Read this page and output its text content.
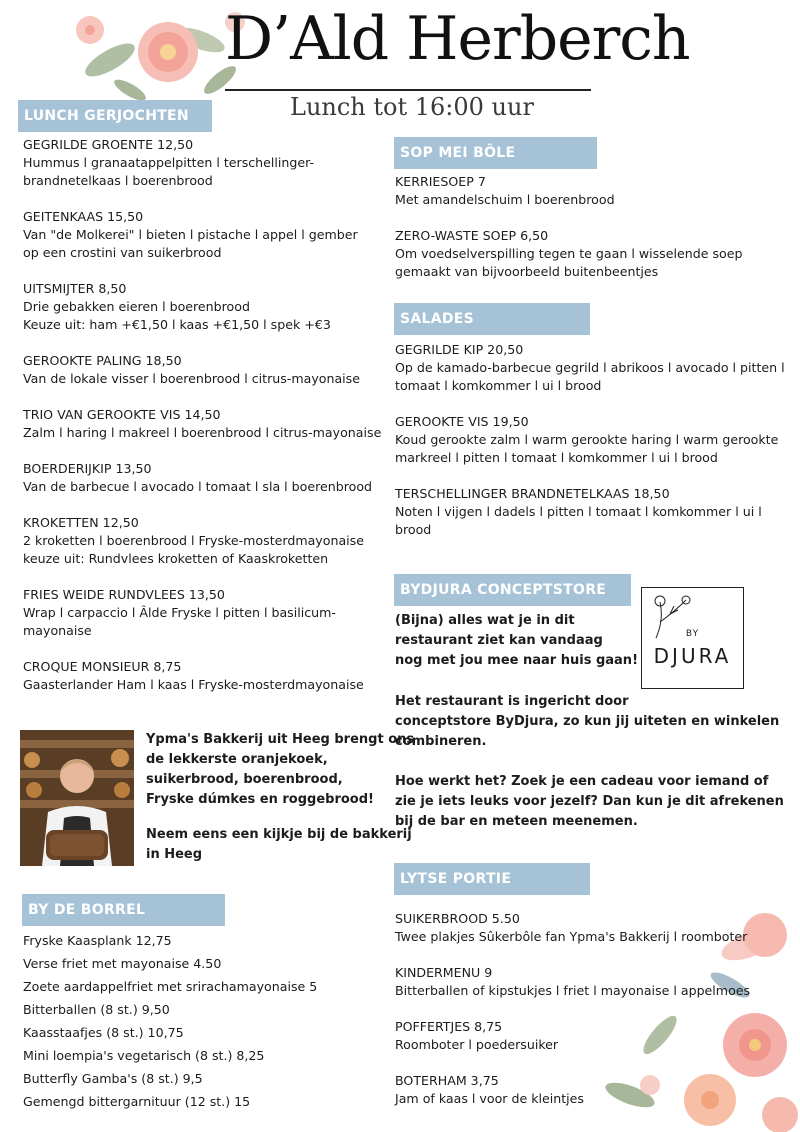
D’Ald Herberch
Lunch tot 16:00 uur
LUNCH GERJOCHTEN
GEGRILDE GROENTE 12,50
Hummus l granaatappelpitten l terschellinger-
brandnetelkaas l boerenbrood
GEITENKAAS 15,50
Van "de Molkerei" l bieten l pistache l appel l gember
op een crostini van suikerbrood
UITSMIJTER 8,50
Drie gebakken eieren l boerenbrood
Keuze uit: ham +€1,50 l kaas +€1,50 l spek +€3
GEROOKTE PALING 18,50
Van de lokale visser l boerenbrood l citrus-mayonaise
TRIO VAN GEROOKTE VIS 14,50
Zalm l haring l makreel l boerenbrood l citrus-mayonaise
BOERDERIJKIP 13,50
Van de barbecue l avocado l tomaat l sla l boerenbrood
KROKETTEN 12,50
2 kroketten l boerenbrood l Fryske-mosterdmayonaise
keuze uit: Rundvlees kroketten of Kaaskroketten
FRIES WEIDE RUNDVLEES 13,50
Wrap l carpaccio l Âlde Fryske l pitten l basilicum-
mayonaise
CROQUE MONSIEUR 8,75
Gaasterlander Ham l kaas l Fryske-mosterdmayonaise
Ypma's Bakkerij uit Heeg brengt ons
de lekkerste oranjekoek,
suikerbrood, boerenbrood,
Fryske dúmkes en roggebrood!
Neem eens een kijkje bij de bakkerij
in Heeg
BY DE BORREL
Fryske Kaasplank 12,75
Verse friet met mayonaise 4.50
Zoete aardappelfriet met srirachamayonaise 5
Bitterballen (8 st.) 9,50
Kaasstaafjes (8 st.) 10,75
Mini loempia's vegetarisch (8 st.) 8,25
Butterfly Gamba's (8 st.) 9,5
Gemengd bittergarnituur (12 st.) 15
SOP MEI BÔLE
KERRIESOEP 7
Met amandelschuim l boerenbrood
ZERO-WASTE SOEP 6,50
Om voedselverspilling tegen te gaan l wisselende soep
gemaakt van bijvoorbeeld buitenbeentjes
SALADES
GEGRILDE KIP 20,50
Op de kamado-barbecue gegrild l abrikoos l avocado l pitten l
tomaat l komkommer l ui l brood
GEROOKTE VIS 19,50
Koud gerookte zalm l warm gerookte haring l warm gerookte
markreel l pitten l tomaat l komkommer l ui l brood
TERSCHELLINGER BRANDNETELKAAS 18,50
Noten l vijgen l dadels l pitten l tomaat l komkommer l ui l
brood
BYDJURA CONCEPTSTORE
(Bijna) alles wat je in dit
restaurant ziet kan vandaag
nog met jou mee naar huis gaan!
BY
DJURA
Het restaurant is ingericht door
conceptstore ByDjura, zo kun jij uiteten en winkelen
combineren.
Hoe werkt het? Zoek je een cadeau voor iemand of
zie je iets leuks voor jezelf? Dan kun je dit afrekenen
bij de bar en meteen meenemen.
LYTSE PORTIE
SUIKERBROOD 5.50
Twee plakjes Sûkerbôle fan Ypma's Bakkerij l roomboter
KINDERMENU 9
Bitterballen of kipstukjes l friet l mayonaise l appelmoes
POFFERTJES 8,75
Roomboter l poedersuiker
BOTERHAM 3,75
Jam of kaas l voor de kleintjes
